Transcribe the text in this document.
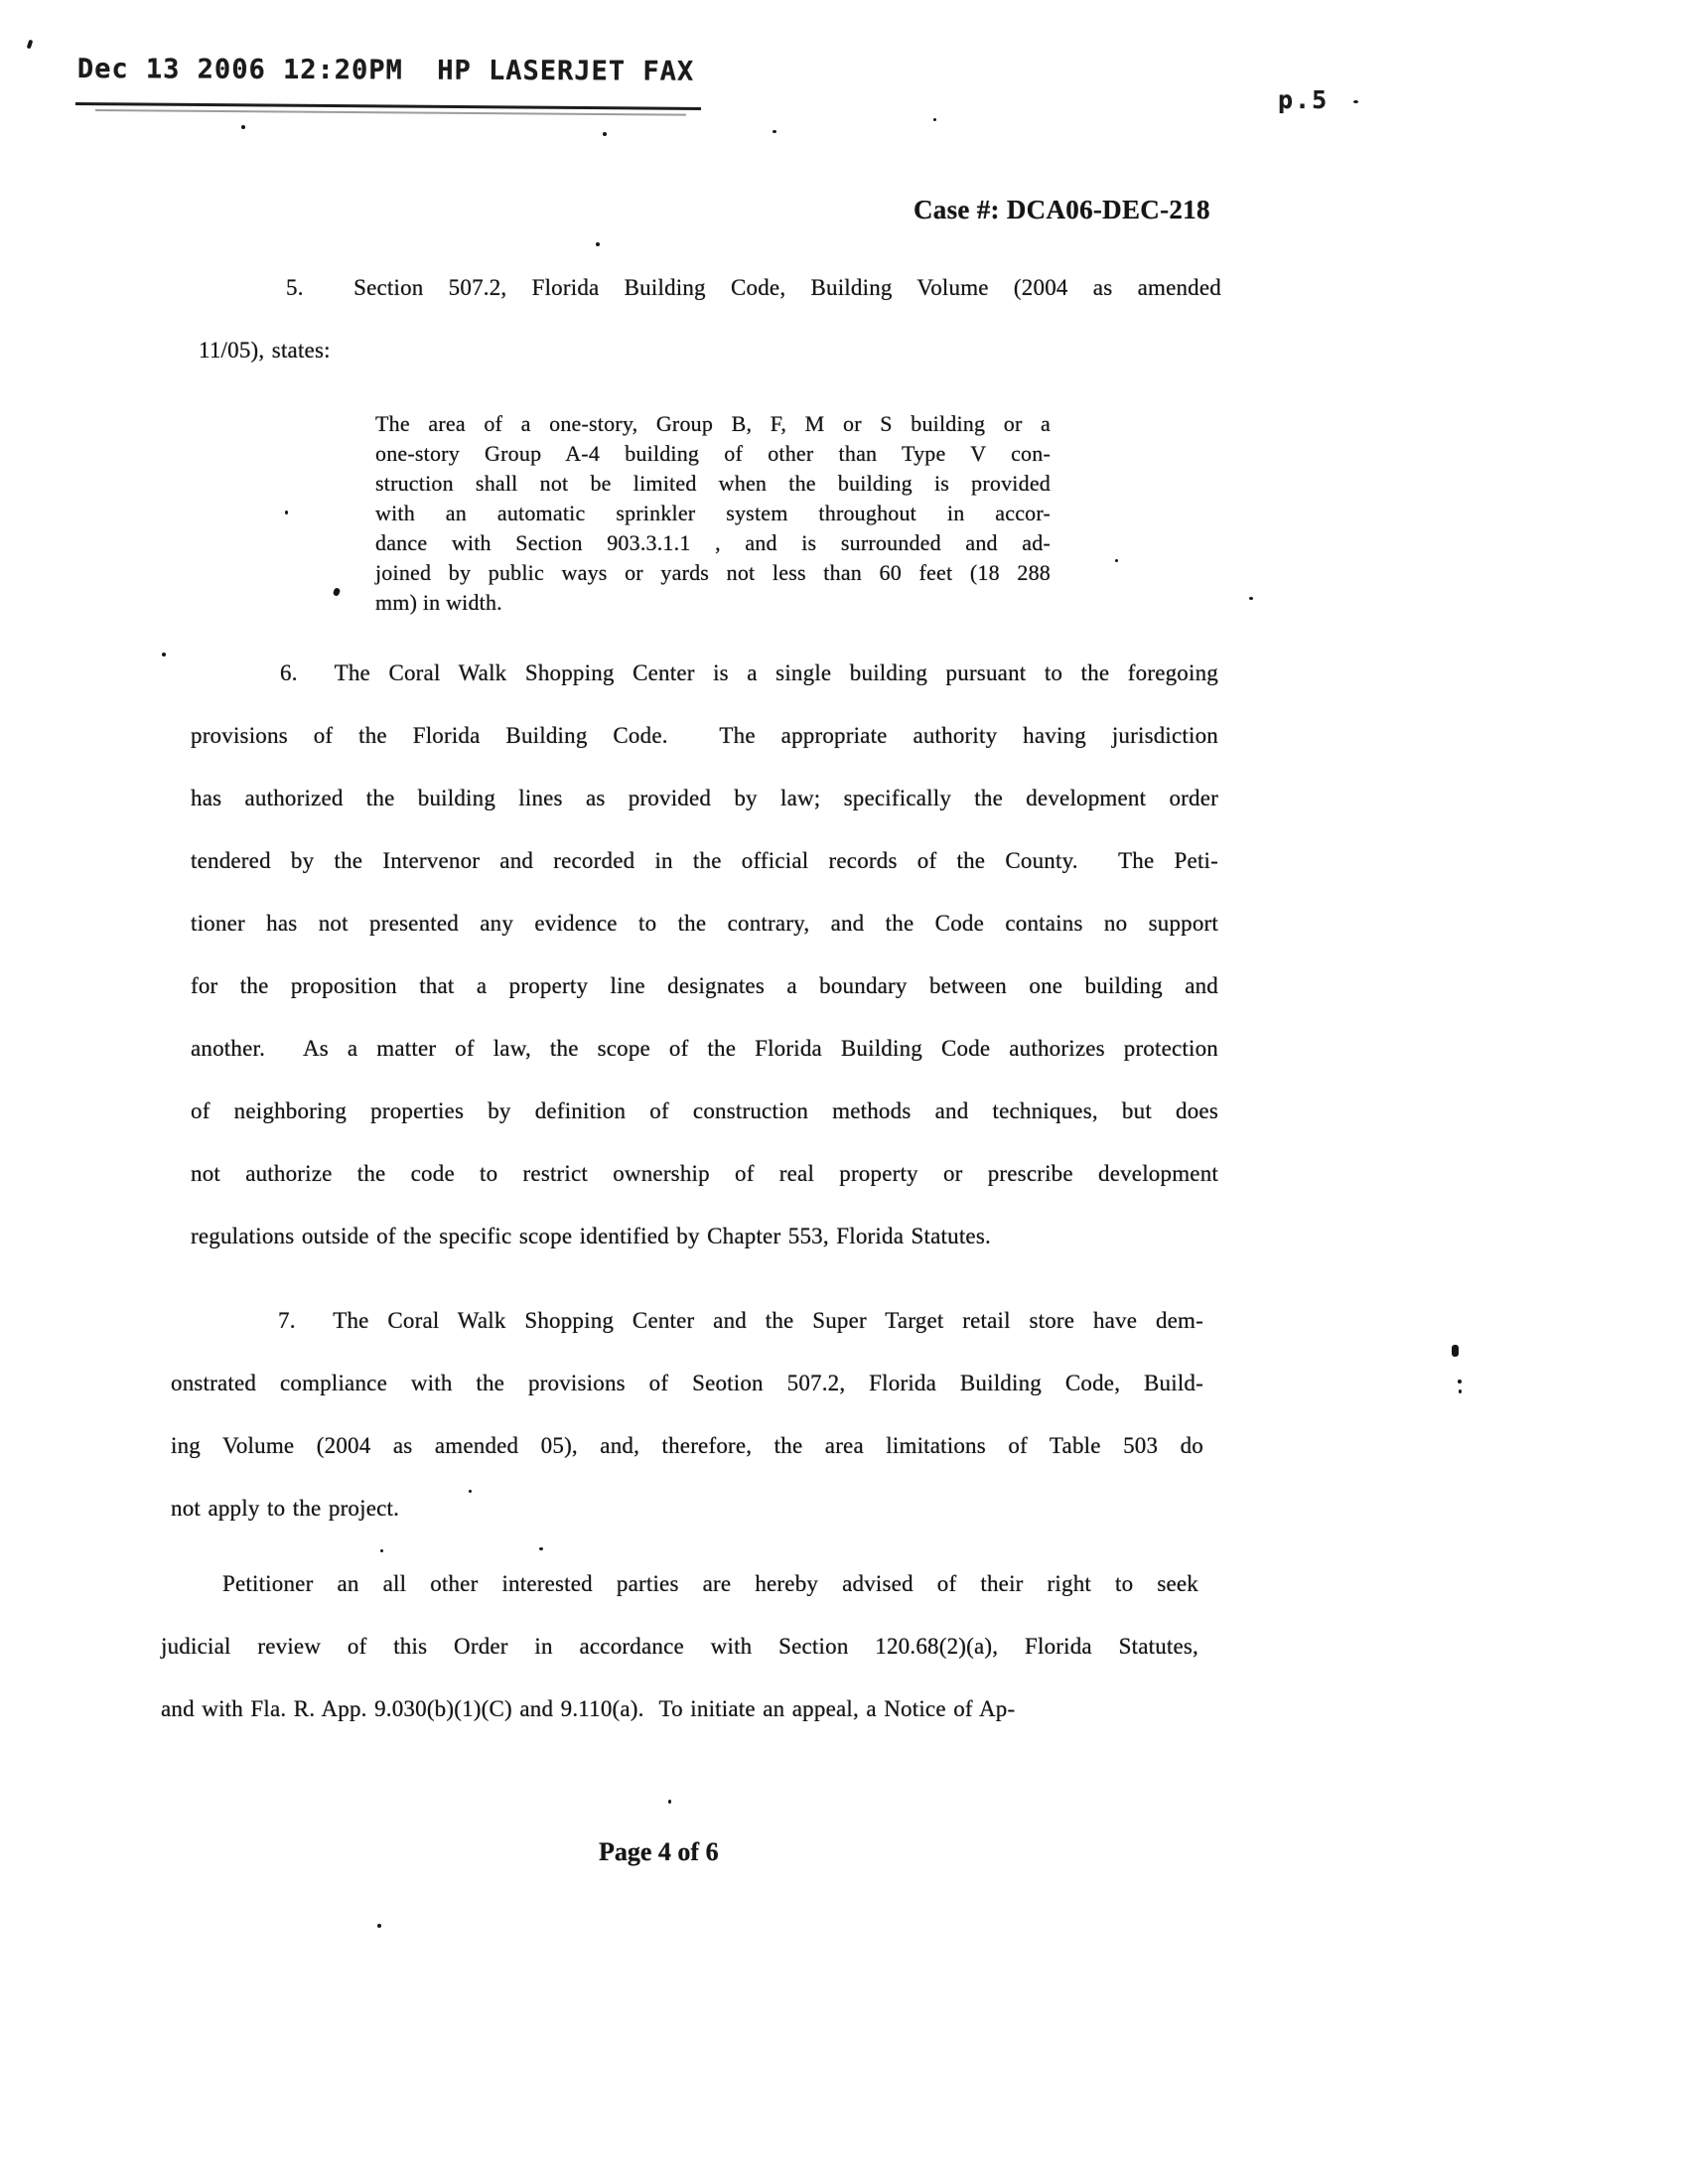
Dec 13 2006 12:20PM  HP LASERJET FAX
p.5
Case #: DCA06-DEC-218
5.  Section 507.2, Florida Building Code, Building Volume (2004 as amended
11/05), states:
The area of a one-story, Group B, F, M or S building or a
one-story Group A-4 building of other than Type V con-
struction shall not be limited when the building is provided
with an automatic sprinkler system throughout in accor-
dance with Section 903.3.1.1 , and is surrounded and ad-
joined by public ways or yards not less than 60 feet (18 288
mm) in width.
6.  The Coral Walk Shopping Center is a single building pursuant to the foregoing
provisions of the Florida Building Code.  The appropriate authority having jurisdiction
has authorized the building lines as provided by law; specifically the development order
tendered by the Intervenor and recorded in the official records of the County.  The Peti-
tioner has not presented any evidence to the contrary, and the Code contains no support
for the proposition that a property line designates a boundary between one building and
another.  As a matter of law, the scope of the Florida Building Code authorizes protection
of neighboring properties by definition of construction methods and techniques, but does
not authorize the code to restrict ownership of real property or prescribe development
regulations outside of the specific scope identified by Chapter 553, Florida Statutes.
7.  The Coral Walk Shopping Center and the Super Target retail store have dem-
onstrated compliance with the provisions of Seotion 507.2, Florida Building Code, Build-
ing Volume (2004 as amended 05), and, therefore, the area limitations of Table 503 do
not apply to the project.
Petitioner an all other interested parties are hereby advised of their right to seek
judicial review of this Order in accordance with Section 120.68(2)(a), Florida Statutes,
and with Fla. R. App. 9.030(b)(1)(C) and 9.110(a).  To initiate an appeal, a Notice of Ap-
Page 4 of 6
